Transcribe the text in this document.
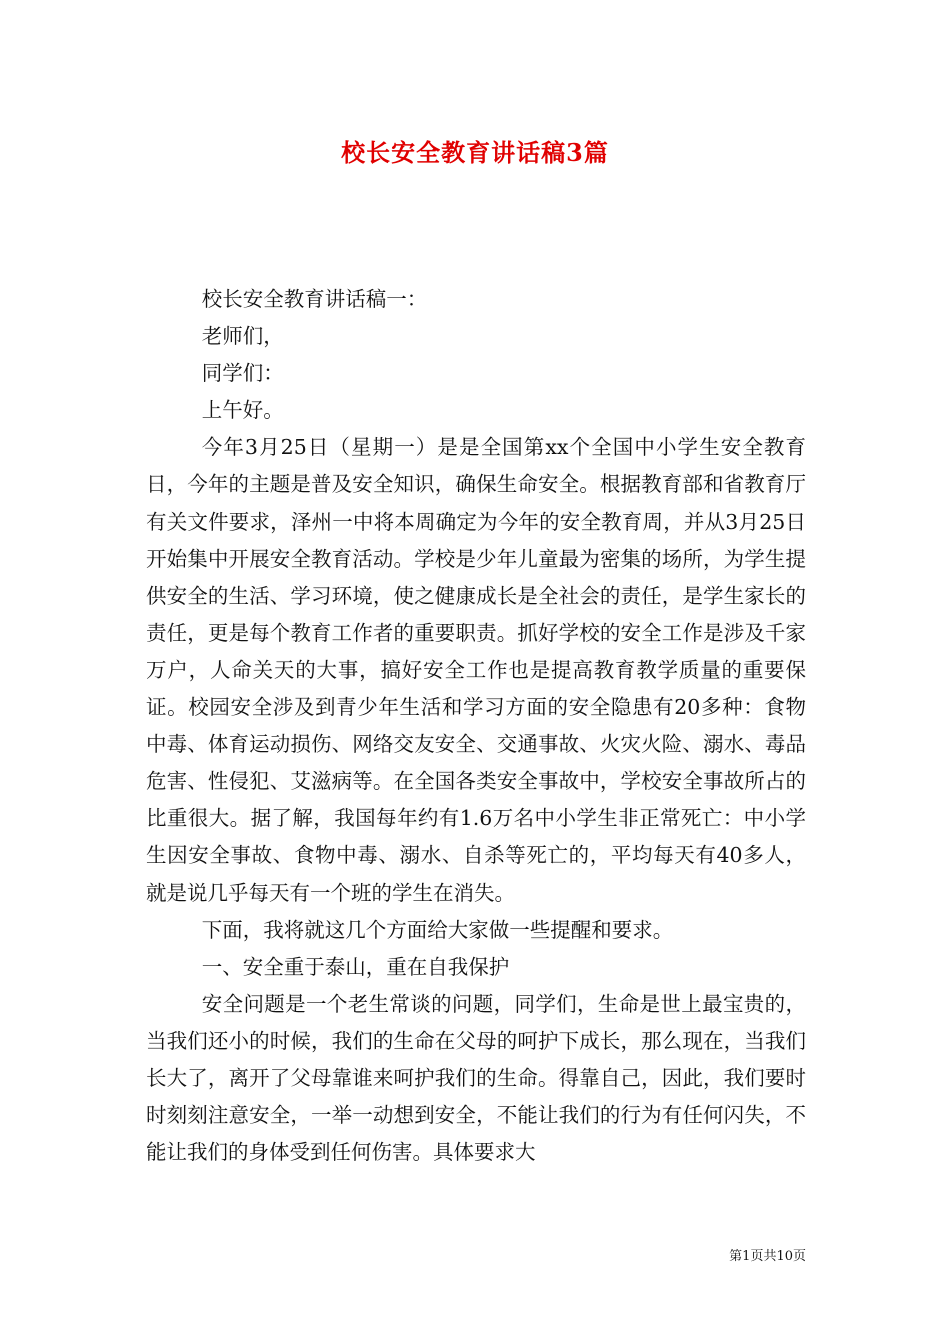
校长安全教育讲话稿3篇

校长安全教育讲话稿一：

老师们，

同学们：

上午好。

今年3月25日（星期一）是是全国第xx个全国中小学生安全教育日，今年的主题是普及安全知识，确保生命安全。根据教育部和省教育厅有关文件要求，泽州一中将本周确定为今年的安全教育周，并从3月25日开始集中开展安全教育活动。学校是少年儿童最为密集的场所，为学生提供安全的生活、学习环境，使之健康成长是全社会的责任，是学生家长的责任，更是每个教育工作者的重要职责。抓好学校的安全工作是涉及千家万户，人命关天的大事，搞好安全工作也是提高教育教学质量的重要保证。校园安全涉及到青少年生活和学习方面的安全隐患有20多种：食物中毒、体育运动损伤、网络交友安全、交通事故、火灾火险、溺水、毒品危害、性侵犯、艾滋病等。在全国各类安全事故中，学校安全事故所占的比重很大。据了解，我国每年约有1.6万名中小学生非正常死亡：中小学生因安全事故、食物中毒、溺水、自杀等死亡的，平均每天有40多人，就是说几乎每天有一个班的学生在消失。

下面，我将就这几个方面给大家做一些提醒和要求。

一、安全重于泰山，重在自我保护

安全问题是一个老生常谈的问题，同学们，生命是世上最宝贵的，当我们还小的时候，我们的生命在父母的呵护下成长，那么现在，当我们长大了，离开了父母靠谁来呵护我们的生命。得靠自己，因此，我们要时时刻刻注意安全，一举一动想到安全，不能让我们的行为有任何闪失，不能让我们的身体受到任何伤害。具体要求大

第1页共10页
